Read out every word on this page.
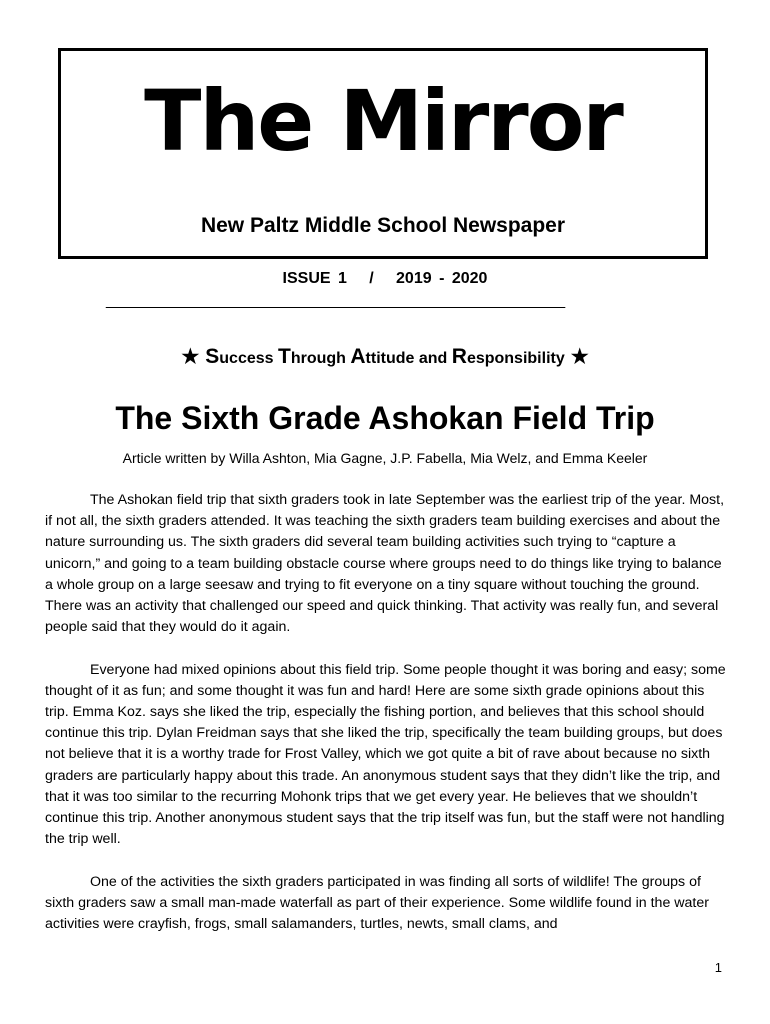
The Mirror
New Paltz Middle School Newspaper
ISSUE 1   /   2019 - 2020
__________________________________________________________
★ Success Through Attitude and Responsibility ★
The Sixth Grade Ashokan Field Trip
Article written by Willa Ashton, Mia Gagne, J.P. Fabella, Mia Welz, and Emma Keeler

The Ashokan field trip that sixth graders took in late September was the earliest trip of the year. Most, if not all, the sixth graders attended. It was teaching the sixth graders team building exercises and about the nature surrounding us. The sixth graders did several team building activities such trying to “capture a unicorn,” and going to a team building obstacle course where groups need to do things like trying to balance a whole group on a large seesaw and trying to fit everyone on a tiny square without touching the ground. There was an activity that challenged our speed and quick thinking. That activity was really fun, and several people said that they would do it again.

Everyone had mixed opinions about this field trip. Some people thought it was boring and easy; some thought of it as fun; and some thought it was fun and hard! Here are some sixth grade opinions about this trip. Emma Koz. says she liked the trip, especially the fishing portion, and believes that this school should continue this trip. Dylan Freidman says that she liked the trip, specifically the team building groups, but does not believe that it is a worthy trade for Frost Valley, which we got quite a bit of rave about because no sixth graders are particularly happy about this trade. An anonymous student says that they didn’t like the trip, and that it was too similar to the recurring Mohonk trips that we get every year. He believes that we shouldn’t continue this trip. Another anonymous student says that the trip itself was fun, but the staff were not handling the trip well.

One of the activities the sixth graders participated in was finding all sorts of wildlife! The groups of sixth graders saw a small man-made waterfall as part of their experience. Some wildlife found in the water activities were crayfish, frogs, small salamanders, turtles, newts, small clams, and

1
